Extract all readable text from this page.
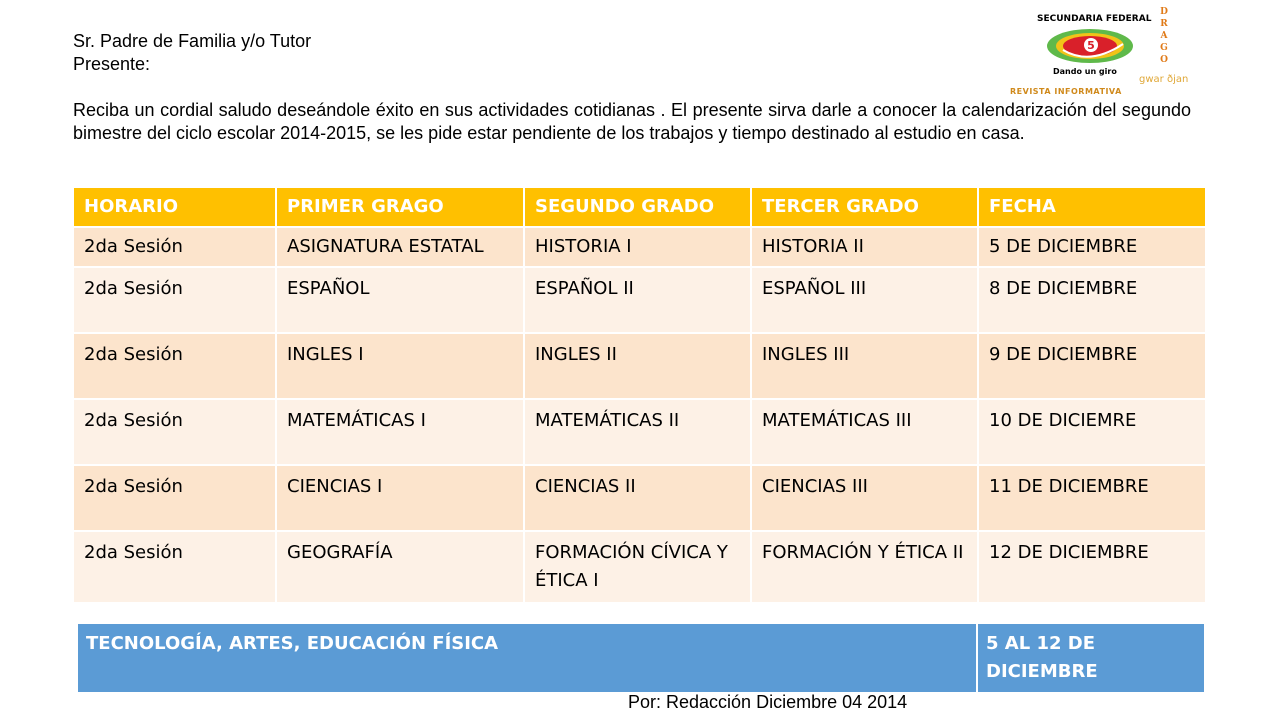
Sr. Padre de Familia y/o Tutor
Presente:

Reciba un cordial saludo deseándole éxito en sus actividades cotidianas . El presente sirva darle a conocer la calendarización del segundo bimestre del ciclo escolar 2014-2015, se les pide estar pendiente de los trabajos y tiempo destinado al estudio en casa.

SECUNDARIA FEDERAL
5
Dando un giro
REVISTA INFORMATIVA
DRAGO
gwar ðjan
HORARIO	PRIMER GRAGO	SEGUNDO GRADO	TERCER GRADO	FECHA
2da Sesión	ASIGNATURA ESTATAL	HISTORIA I	HISTORIA II	5 DE DICIEMBRE
2da Sesión	ESPAÑOL	ESPAÑOL II	ESPAÑOL III	8 DE DICIEMBRE
2da Sesión	INGLES I	INGLES II	INGLES III	9 DE DICIEMBRE
2da Sesión	MATEMÁTICAS I	MATEMÁTICAS II	MATEMÁTICAS III	10 DE DICIEMRE
2da Sesión	CIENCIAS I	CIENCIAS II	CIENCIAS III	11 DE DICIEMBRE
2da Sesión	GEOGRAFÍA	FORMACIÓN CÍVICA Y ÉTICA I	FORMACIÓN Y ÉTICA II	12 DE DICIEMBRE
TECNOLOGÍA, ARTES, EDUCACIÓN FÍSICA	5 AL 12 DE DICIEMBRE
Por: Redacción Diciembre 04 2014
